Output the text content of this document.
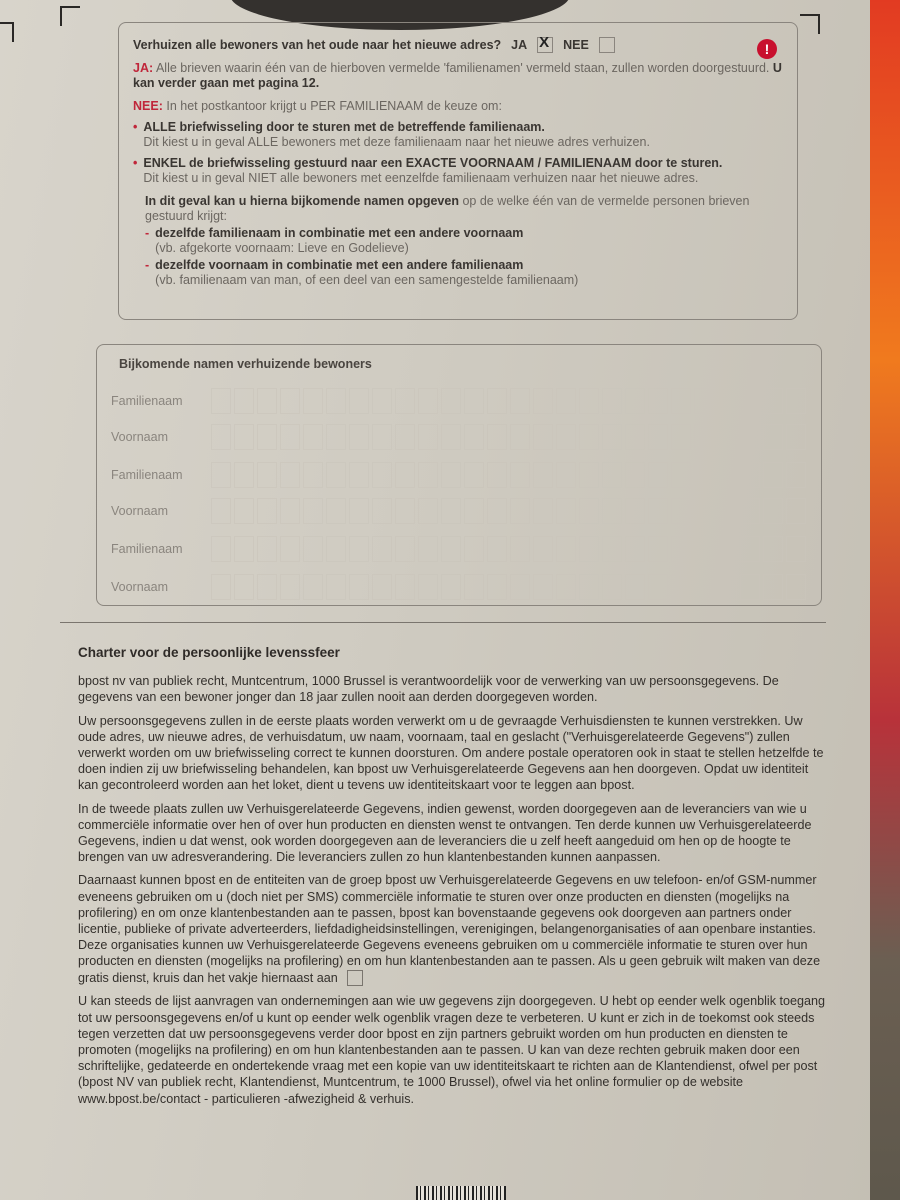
Verhuizen alle bewoners van het oude naar het nieuwe adres? JA
X	NEE	!
JA: Alle brieven waarin één van de hierboven vermelde 'familienamen' vermeld staan, zullen worden doorgestuurd. U kan verder gaan met pagina 12.
NEE: In het postkantoor krijgt u PER FAMILIENAAM de keuze om:
• ALLE briefwisseling door te sturen met de betreffende familienaam.
Dit kiest u in geval ALLE bewoners met deze familienaam naar het nieuwe adres verhuizen.
• ENKEL de briefwisseling gestuurd naar een EXACTE VOORNAAM / FAMILIENAAM door te sturen.
Dit kiest u in geval NIET alle bewoners met eenzelfde familienaam verhuizen naar het nieuwe adres.
In dit geval kan u hierna bijkomende namen opgeven op de welke één van de vermelde personen brieven gestuurd krijgt:
- dezelfde familienaam in combinatie met een andere voornaam
(vb. afgekorte voornaam: Lieve en Godelieve)
- dezelfde voornaam in combinatie met een andere familienaam
(vb. familienaam van man, of een deel van een samengestelde familienaam)
Bijkomende namen verhuizende bewoners
Familienaam
Voornaam
Familienaam
Voornaam
Familienaam
Voornaam
Charter voor de persoonlijke levenssfeer

bpost nv van publiek recht, Muntcentrum, 1000 Brussel is verantwoordelijk voor de verwerking van uw persoonsgegevens. De gegevens van een bewoner jonger dan 18 jaar zullen nooit aan derden doorgegeven worden.

Uw persoonsgegevens zullen in de eerste plaats worden verwerkt om u de gevraagde Verhuisdiensten te kunnen verstrekken. Uw oude adres, uw nieuwe adres, de verhuisdatum, uw naam, voornaam, taal en geslacht ("Verhuisgerelateerde Gegevens") zullen verwerkt worden om uw briefwisseling correct te kunnen doorsturen. Om andere postale operatoren ook in staat te stellen hetzelfde te doen indien zij uw briefwisseling behandelen, kan bpost uw Verhuisgerelateerde Gegevens aan hen doorgeven. Opdat uw identiteit kan gecontroleerd worden aan het loket, dient u tevens uw identiteitskaart voor te leggen aan bpost.

In de tweede plaats zullen uw Verhuisgerelateerde Gegevens, indien gewenst, worden doorgegeven aan de leveranciers van wie u commerciële informatie over hen of over hun producten en diensten wenst te ontvangen. Ten derde kunnen uw Verhuisgerelateerde Gegevens, indien u dat wenst, ook worden doorgegeven aan de leveranciers die u zelf heeft aangeduid om hen op de hoogte te brengen van uw adresverandering. Die leveranciers zullen zo hun klantenbestanden kunnen aanpassen.

Daarnaast kunnen bpost en de entiteiten van de groep bpost uw Verhuisgerelateerde Gegevens en uw telefoon- en/of GSM-nummer eveneens gebruiken om u (doch niet per SMS) commerciële informatie te sturen over onze producten en diensten (mogelijks na profilering) en om onze klantenbestanden aan te passen, bpost kan bovenstaande gegevens ook doorgeven aan partners onder licentie, publieke of private adverteerders, liefdadigheidsinstellingen, verenigingen, belangenorganisaties of aan openbare instanties. Deze organisaties kunnen uw Verhuisgerelateerde Gegevens eveneens gebruiken om u commerciële informatie te sturen over hun producten en diensten (mogelijks na profilering) en om hun klantenbestanden aan te passen. Als u geen gebruik wilt maken van deze gratis dienst, kruis dan het vakje hiernaast aan

U kan steeds de lijst aanvragen van ondernemingen aan wie uw gegevens zijn doorgegeven. U hebt op eender welk ogenblik toegang tot uw persoonsgegevens en/of u kunt op eender welk ogenblik vragen deze te verbeteren. U kunt er zich in de toekomst ook steeds tegen verzetten dat uw persoonsgegevens verder door bpost en zijn partners gebruikt worden om hun producten en diensten te promoten (mogelijks na profilering) en om hun klantenbestanden aan te passen. U kan van deze rechten gebruik maken door een schriftelijke, gedateerde en ondertekende vraag met een kopie van uw identiteitskaart te richten aan de Klantendienst, ofwel per post (bpost NV van publiek recht, Klantendienst, Muntcentrum, te 1000 Brussel), ofwel via het online formulier op de website www.bpost.be/contact - particulieren -afwezigheid & verhuis.
